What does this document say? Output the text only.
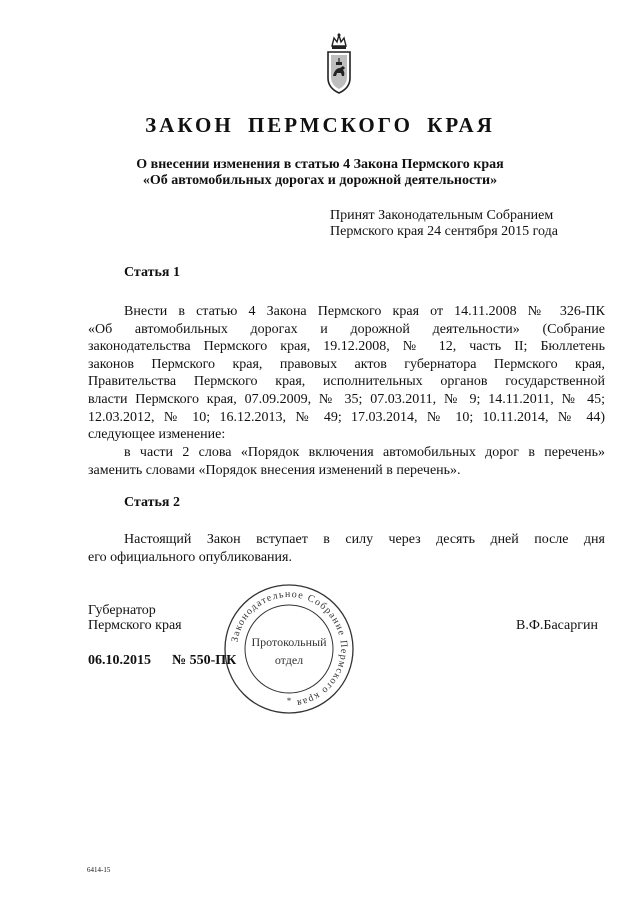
ЗАКОН ПЕРМСКОГО КРАЯ
О внесении изменения в статью 4 Закона Пермского края
«Об автомобильных дорогах и дорожной деятельности»
Принят Законодательным Собранием
Пермского края 24 сентября 2015 года
Статья 1
Внести в статью 4 Закона Пермского края от 14.11.2008 № 326-ПК
«Об автомобильных дорогах и дорожной деятельности» (Собрание
законодательства Пермского края, 19.12.2008, № 12, часть II; Бюллетень
законов Пермского края, правовых актов губернатора Пермского края,
Правительства Пермского края, исполнительных органов государственной
власти Пермского края, 07.09.2009, № 35; 07.03.2011, № 9; 14.11.2011, № 45;
12.03.2012, № 10; 16.12.2013, № 49; 17.03.2014, № 10; 10.11.2014, № 44)
следующее изменение:
в части 2 слова «Порядок включения автомобильных дорог в перечень»
заменить словами «Порядок внесения изменений в перечень».
Статья 2
Настоящий Закон вступает в силу через десять дней после дня
его официального опубликования.
Губернатор
Пермского края	В.Ф.Басаргин
06.10.2015 № 550-ПК
Законодательное Собрание Пермского края
Протокольный
отдел
*
6414-15
